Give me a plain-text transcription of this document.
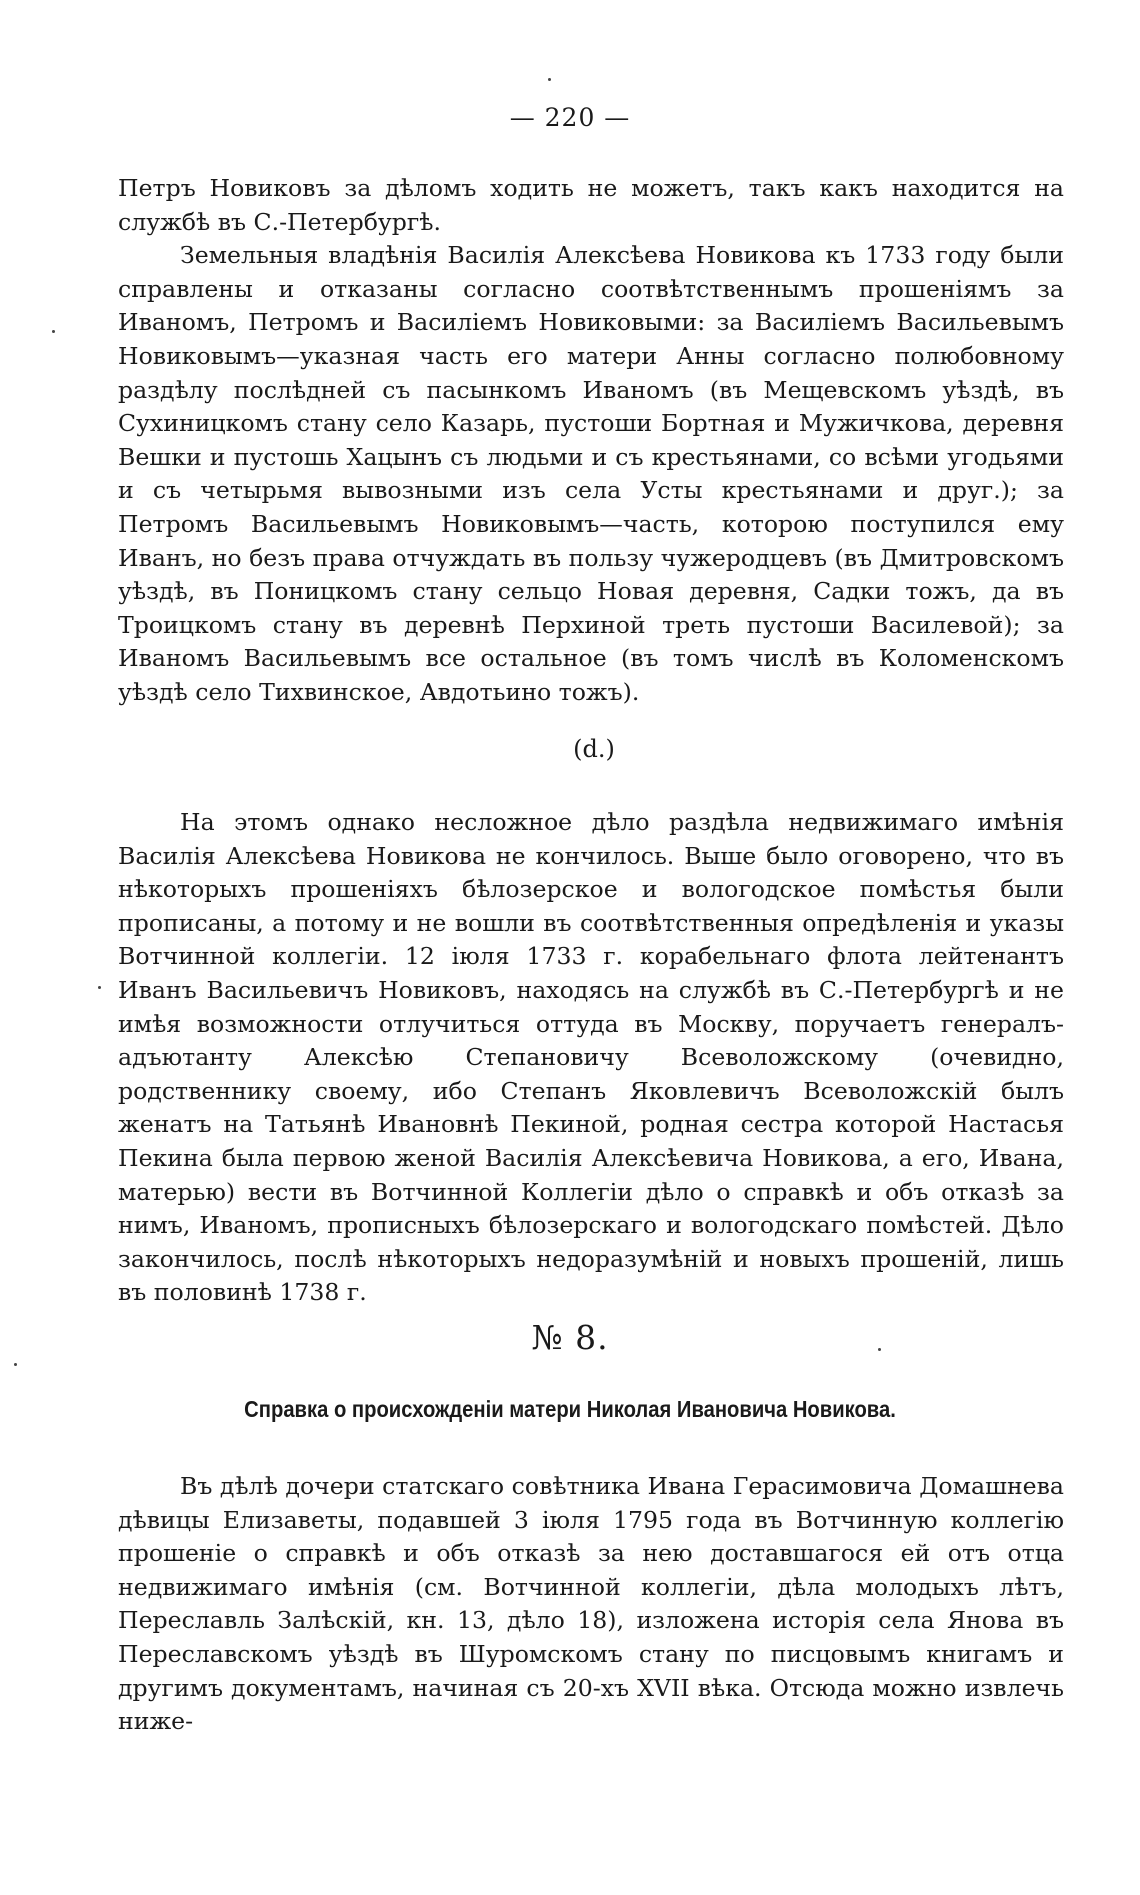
— 220 —

Петръ Новиковъ за дѣломъ ходить не можетъ, такъ какъ находится на службѣ въ С.-Петербургѣ.

Земельныя владѣнія Василія Алексѣева Новикова къ 1733 году были справлены и отказаны согласно соотвѣтственнымъ прошеніямъ за Иваномъ, Петромъ и Василіемъ Новиковыми: за Василіемъ Васильевымъ Новиковымъ—указная часть его матери Анны согласно полюбовному раздѣлу послѣдней съ пасынкомъ Иваномъ (въ Мещевскомъ уѣздѣ, въ Сухиницкомъ стану село Казарь, пустоши Бортная и Мужичкова, деревня Вешки и пустошь Хацынъ съ людьми и съ крестьянами, со всѣми угодьями и съ четырьмя вывозными изъ села Усты крестьянами и друг.); за Петромъ Васильевымъ Новиковымъ—часть, которою поступился ему Иванъ, но безъ права отчуждать въ пользу чужеродцевъ (въ Дмитровскомъ уѣздѣ, въ Поницкомъ стану сельцо Новая деревня, Садки тожъ, да въ Троицкомъ стану въ деревнѣ Перхиной треть пустоши Василевой); за Иваномъ Васильевымъ все остальное (въ томъ числѣ въ Коломенскомъ уѣздѣ село Тихвинское, Авдотьино тожъ).

(d.)

На этомъ однако несложное дѣло раздѣла недвижимаго имѣнія Василія Алексѣева Новикова не кончилось. Выше было оговорено, что въ нѣкоторыхъ прошеніяхъ бѣлозерское и вологодское помѣстья были прописаны, а потому и не вошли въ соотвѣтственныя опредѣленія и указы Вотчинной коллегіи. 12 іюля 1733 г. корабельнаго флота лейтенантъ Иванъ Васильевичъ Новиковъ, находясь на службѣ въ С.-Петербургѣ и не имѣя возможности отлучиться оттуда въ Москву, поручаетъ генералъ-адъютанту Алексѣю Степановичу Всеволожскому (очевидно, родственнику своему, ибо Степанъ Яковлевичъ Всеволожскій былъ женатъ на Татьянѣ Ивановнѣ Пекиной, родная сестра которой Настасья Пекина была первою женой Василія Алексѣевича Новикова, а его, Ивана, матерью) вести въ Вотчинной Коллегіи дѣло о справкѣ и объ отказѣ за нимъ, Иваномъ, прописныхъ бѣлозерскаго и вологодскаго помѣстей. Дѣло закончилось, послѣ нѣкоторыхъ недоразумѣній и новыхъ прошеній, лишь въ половинѣ 1738 г.

№ 8.
Справка о происхожденіи матери Николая Ивановича Новикова.

Въ дѣлѣ дочери статскаго совѣтника Ивана Герасимовича Домашнева дѣвицы Елизаветы, подавшей 3 іюля 1795 года въ Вотчинную коллегію прошеніе о справкѣ и объ отказѣ за нею доставшагося ей отъ отца недвижимаго имѣнія (см. Вотчинной коллегіи, дѣла молодыхъ лѣтъ, Переславль Залѣскій, кн. 13, дѣло 18), изложена исторія села Янова въ Переславскомъ уѣздѣ въ Шуромскомъ стану по писцовымъ книгамъ и другимъ документамъ, начиная съ 20-хъ XVII вѣка. Отсюда можно извлечь ниже-
